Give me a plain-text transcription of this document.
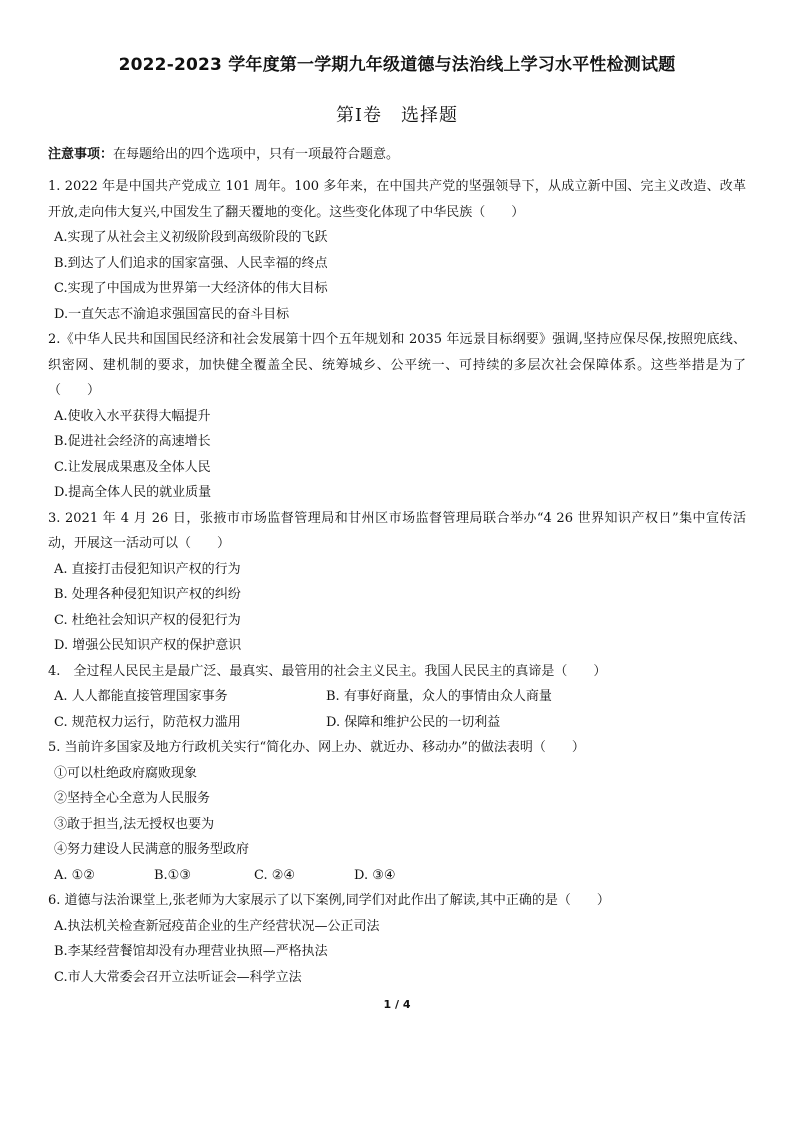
2022-2023 学年度第一学期九年级道德与法治线上学习水平性检测试题
第Ⅰ卷　选择题
注意事项：在每题给出的四个选项中，只有一项最符合题意。
1. 2022 年是中国共产党成立 101 周年。100 多年来，在中国共产党的坚强领导下，从成立新中国、完主义改造、改革开放,走向伟大复兴,中国发生了翻天覆地的变化。这些变化体现了中华民族（　　）
A.实现了从社会主义初级阶段到高级阶段的飞跃
B.到达了人们追求的国家富强、人民幸福的终点
C.实现了中国成为世界第一大经济体的伟大目标
D.一直矢志不渝追求强国富民的奋斗目标
2.《中华人民共和国国民经济和社会发展第十四个五年规划和 2035 年远景目标纲要》强调,坚持应保尽保,按照兜底线、织密网、建机制的要求，加快健全覆盖全民、统筹城乡、公平统一、可持续的多层次社会保障体系。这些举措是为了（　　）
A.使收入水平获得大幅提升
B.促进社会经济的高速增长
C.让发展成果惠及全体人民
D.提高全体人民的就业质量
3. 2021 年 4 月 26 日，张掖市市场监督管理局和甘州区市场监督管理局联合举办“4 26 世界知识产权日”集中宣传活动，开展这一活动可以（　　）
A. 直接打击侵犯知识产权的行为
B. 处理各种侵犯知识产权的纠纷
C. 杜绝社会知识产权的侵犯行为
D. 增强公民知识产权的保护意识
4.　全过程人民民主是最广泛、最真实、最管用的社会主义民主。我国人民民主的真谛是（　　）
A. 人人都能直接管理国家事务	B. 有事好商量，众人的事情由众人商量
C. 规范权力运行，防范权力滥用	D. 保障和维护公民的一切利益
5. 当前许多国家及地方行政机关实行“简化办、网上办、就近办、移动办”的做法表明（　　）
①可以杜绝政府腐败现象
②坚持全心全意为人民服务
③敢于担当,法无授权也要为
④努力建设人民满意的服务型政府
A. ①②	B.①③	C. ②④	D. ③④
6. 道德与法治课堂上,张老师为大家展示了以下案例,同学们对此作出了解读,其中正确的是（　　）
A.执法机关检查新冠疫苗企业的生产经营状况—公正司法
B.李某经营餐馆却没有办理营业执照—严格执法
C.市人大常委会召开立法听证会—科学立法
1 / 4
